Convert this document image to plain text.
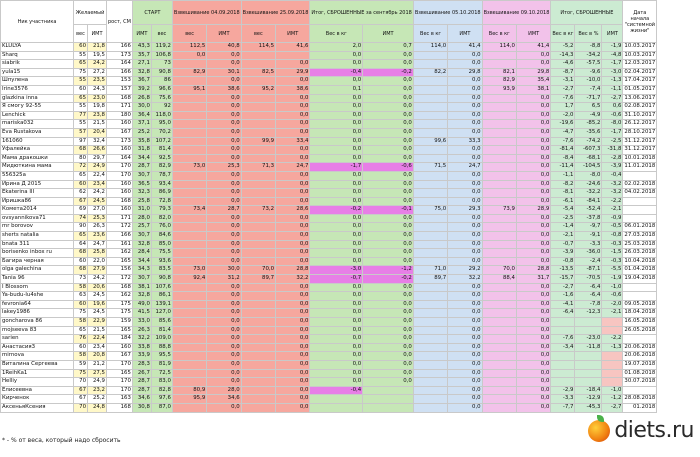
Ник участника	Желаемый		рост, СМ	СТАРТ		Взвешивание 04.09.2018		Взвешивание 25.09.2018		Итог, СБРОШЕННЫЕ за сентябрь 2018		Взвешивание 05.10.2018		Взвешивание 09.10.2018		Итог, СБРОШЕННЫЕ			Дата начала "системной жизни"
	вес	ИМТ		ИМТ	вес	вес	ИМТ	вес	ИМТ	Вес в кг	ИМТ	Вес в кг	ИМТ	Вес в кг	ИМТ	Вес в кг	Вес в %	ИМТ	
KLULYA	60	21,8	166	43,3	119,2	112,5	40,8	114,5	41,6	2,0	0,7	114,0	41,4	114,0	41,4	-5,2	-8,8	-1,9	10.03.2017
Sharq	55	19,5	173	35,7	106,8	0,0	0,0			0,0	0,0		0,0		0,0	-14,3	-34,2	-4,8	10.03.2017
siabrik	65	24,2	164	27,1	73		0,0		0,0	0,0	0,0		0,0		0,0	-4,6	-57,5	-1,7	12.03.2017
yula15	75	27,2	166	32,8	90,8	82,9	30,1	82,5	29,9	-0,4	-0,2	82,2	29,8	82,1	29,8	-8,7	-9,6	-3,0	02.04.2017
Шпулена	55	23,5	153	36,7	86		0,0		0,0	0,0	0,0		0,0	82,9	35,4	-3,1	-10,0	-1,3	17.04.2017
Irine3576	60	24,3	157	39,2	96,6	95,1	38,6	95,2	38,6	0,1	0,0		0,0	93,9	38,1	-2,7	-7,4	-1,1	01.05.2017
glazkina inna	65	23,0	168	26,8	75,6		0,0		0,0	0,0	0,0		0,0		0,0	-7,6	-71,7	-2,7	13.06.2017
Я смогу 92-55	55	19,8	171	30,0	92		0,0		0,0	0,0	0,0		0,0		0,0	1,7	6,5	0,6	02.08.2017
Lenchick	77	23,8	180	36,4	118,0		0,0		0,0	0,0	0,0		0,0		0,0	-2,0	-4,9	-0,6	31.10.2017
mariska032	55	21,5	160	37,1	95,0		0,0		0,0	0,0	0,0		0,0		0,0	-19,6	-85,2	-8,0	26.12.2017
Eva Rustakova	57	20,4	167	25,2	70,2		0,0		0,0	0,0	0,0		0,0		0,0	-4,7	-35,6	-1,7	28.10.2017
161060	97	32,4	173	35,8	107,2		0,0	99,9	33,4	0,0	0,0	99,6	33,3		0,0	-7,6	-74,2	-2,5	31.12.2017
Уфалейка	68	26,6	160	31,8	81,4		0,0		0,0	0,0	0,0		0,0		0,0	-81,4	-607,3	-31,8	31.12.2017
Мама дракошки	80	29,7	164	34,4	92,5		0,0		0,0	0,0	0,0		0,0		0,0	-8,4	-68,1	-2,8	10.01.2018
Мидюткина мама	72	24,9	170	28,7	82,9	73,0	25,3	71,3	24,7	-1,7	-0,6	71,5	24,7		0,0	-11,4	-104,5	-3,9	11.01.2018
556325a	65	22,4	170	30,7	78,7		0,0		0,0	0,0	0,0		0,0		0,0	-1,1	-8,0	-0,4	
Ирина Д 2015	60	23,4	160	36,5	93,4		0,0		0,0	0,0	0,0		0,0		0,0	-8,2	-24,6	-3,2	02.02.2018
Ekaterina III	62	24,2	160	32,3	86,9		0,0		0,0	0,0	0,0		0,0		0,0	-8,1	-32,2	-3,2	04.02.2018
Иришка86	67	24,5	168	25,8	72,8		0,0		0,0	0,0	0,0		0,0		0,0	-6,1	-84,1	-2,2	
Кометa2014	69	27,0	160	31,0	79,3	73,4	28,7	73,2	28,6	-0,2	-0,1	75,0	29,3	73,9	28,9	-5,4	-52,4	-2,1	
ovsyannikova71	74	25,3	171	28,0	82,0		0,0		0,0	0,0	0,0		0,0		0,0	-2,5	-37,8	-0,9	
mr borovov	90	26,3	172	25,7	76,0		0,0		0,0	0,0	0,0		0,0		0,0	-1,4	-9,7	-0,5	06.01.2018
sherts natalia	65	23,6	166	30,7	84,6		0,0		0,0	0,0	0,0		0,0		0,0	-2,1	-9,1	-0,8	27.03.2018
bnata 311	64	24,7	161	32,8	85,0		0,0		0,0	0,0	0,0		0,0		0,0	-0,7	-3,3	-0,3	25.03.2018
borisenko inbox ru	68	25,8	162	28,4	75,5		0,0		0,0	0,0	0,0		0,0		0,0	-3,9	-36,0	-1,5	26.03.2018
Багира черная	60	22,0	165	34,4	93,6		0,0		0,0	0,0	0,0		0,0		0,0	-0,8	-2,4	-0,3	10.04.2018
olga galechina	68	27,9	156	34,3	83,5	73,0	30,0	70,0	28,8	-3,0	-1,2	71,0	29,2	70,0	28,8	-13,5	-87,1	-5,5	01.04.2018
Tania 96	73	24,2	172	30,7	90,8	92,4	31,2	89,7	32,2	-0,7	-0,2	89,7	32,2	88,4	31,7	-15,7	-70,5	-1,9	19.04.2018
I Blossom	58	20,6	168	38,1	107,6		0,0		0,0	0,0	0,0		0,0		0,0	-2,7	-6,4	-1,0	
Ya-budu-lu4she	63	24,5	162	32,8	86,1		0,0		0,0	0,0	0,0		0,0		0,0	-1,6	-6,4	-0,6	
fevronia64	60	19,6	175	49,0	139,1		0,0		0,0	0,0	0,0		0,0		0,0	-4,1	-7,8	-2,0	09.05.2018
lakey1986	75	24,5	175	41,5	127,0		0,0		0,0	0,0	0,0		0,0		0,0	-6,4	-12,3	-2,1	18.04.2018
goncharova 86	58	22,9	159	33,0	85,6		0,0		0,0	0,0	0,0		0,0		0,0				16.05.2018
mojseeva 83	65	21,5	165	26,3	81,4		0,0		0,0	0,0	0,0		0,0		0,0				26.05.2018
sarien	76	22,4	184	32,2	109,0		0,0		0,0	0,0	0,0		0,0		0,0	-7,6	-23,0	-2,2	
Анастасия3	60	23,4	160	33,8	88,8		0,0		0,0	0,0	0,0		0,0		0,0	-3,4	-11,8	-1,3	20.06.2018
mirnova	58	20,8	167	33,9	95,5		0,0		0,0	0,0	0,0		0,0		0,0				20.06.2018
Виталина Сергеева	59	21,2	170	28,3	81,9		0,0		0,0	0,0	0,0		0,0		0,0				19.07.2018
1ReihKa1	75	27,5	165	26,7	72,5		0,0		0,0	0,0	0,0		0,0		0,0				01.08.2018
Helliy	70	24,9	170	28,7	83,0		0,0		0,0	0,0	0,0		0,0		0,0				30.07.2018
Елисеевна	67	23,2	170	28,7	82,8	80,9	28,0		0,0	-0,4			0,0		0,0	-2,9	-18,4	-1,0	
Кирченок	67	25,2	163	34,6	97,6	95,9	34,6		0,0				0,0		0,0	-3,3	-12,9	-1,2	28.08.2018
АксеньяКсения	70	24,8	168	30,8	87,0		0,0		0,0				0,0		0,0	-7,7	-45,3	-2,7	01.2018
* - % от веса, который надо сбросить	diets.ru
